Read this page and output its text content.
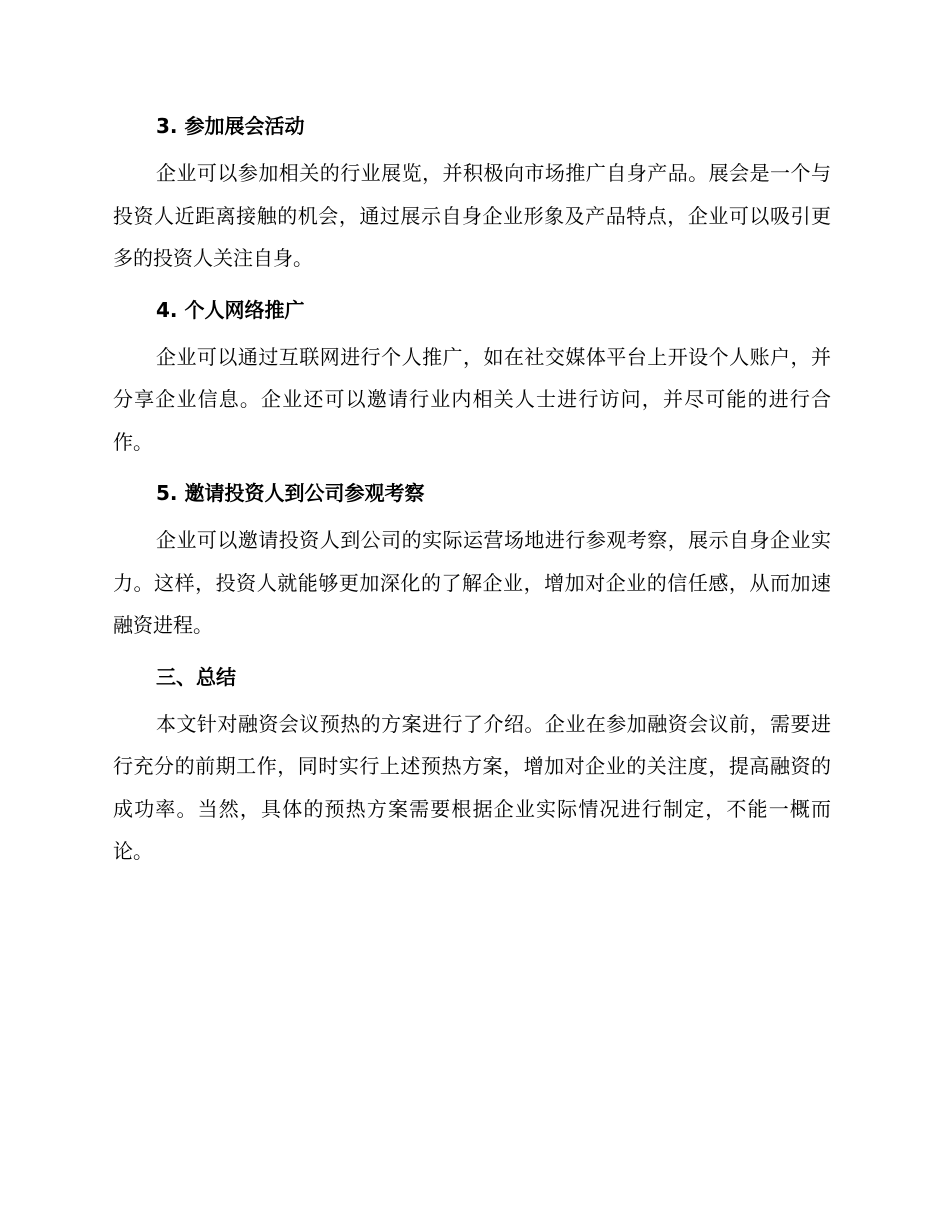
3. 参加展会活动

企业可以参加相关的行业展览，并积极向市场推广自身产品。展会是一个与投资人近距离接触的机会，通过展示自身企业形象及产品特点，企业可以吸引更多的投资人关注自身。

4. 个人网络推广

企业可以通过互联网进行个人推广，如在社交媒体平台上开设个人账户，并分享企业信息。企业还可以邀请行业内相关人士进行访问，并尽可能的进行合作。

5. 邀请投资人到公司参观考察

企业可以邀请投资人到公司的实际运营场地进行参观考察，展示自身企业实力。这样，投资人就能够更加深化的了解企业，增加对企业的信任感，从而加速融资进程。

三、总结

本文针对融资会议预热的方案进行了介绍。企业在参加融资会议前，需要进行充分的前期工作，同时实行上述预热方案，增加对企业的关注度，提高融资的成功率。当然，具体的预热方案需要根据企业实际情况进行制定，不能一概而论。
